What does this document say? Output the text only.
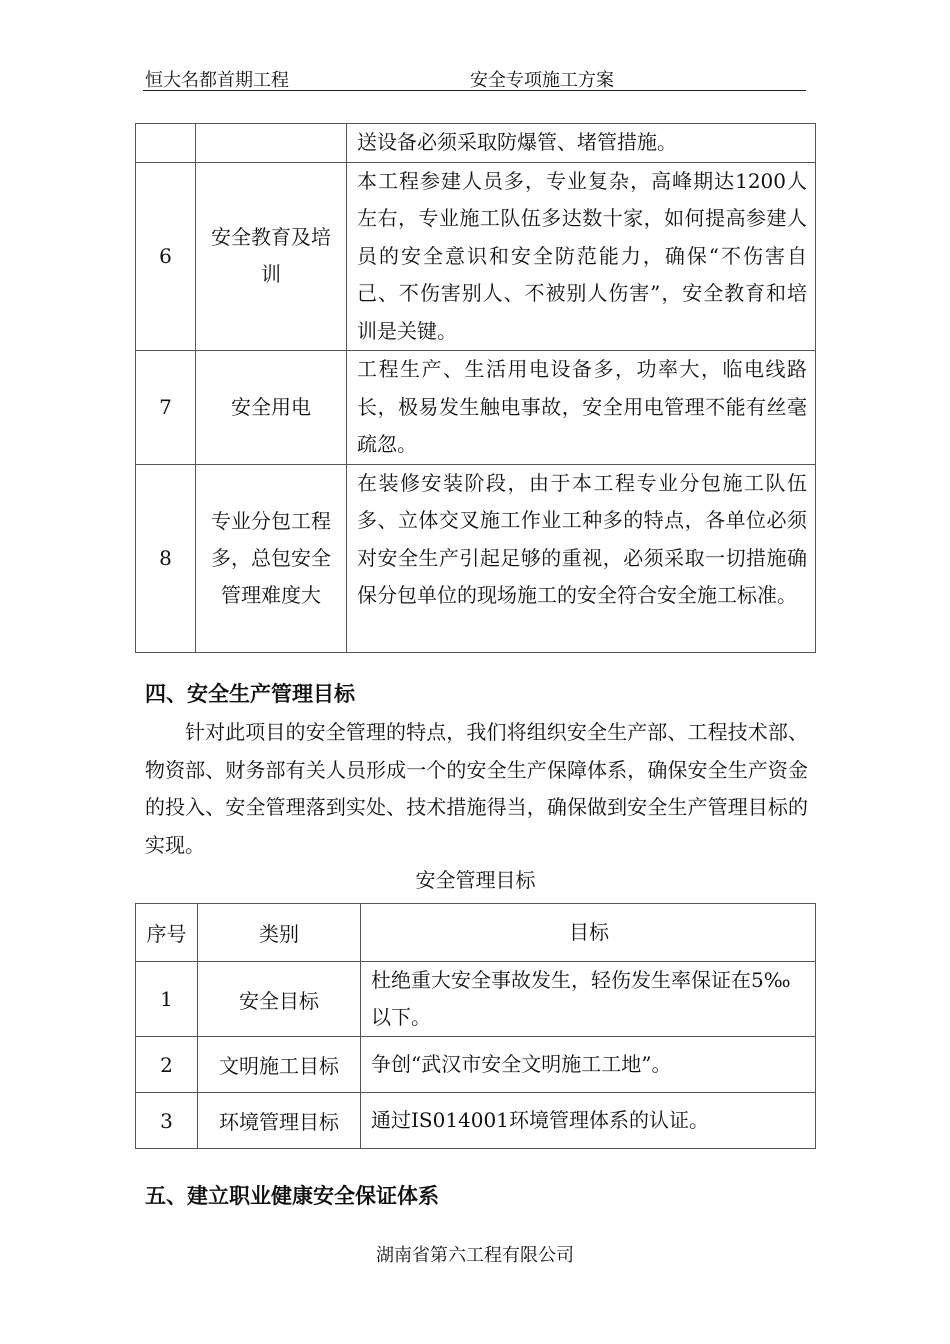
恒大名都首期工程	安全专项施工方案
		送设备必须采取防爆管、堵管措施。
6	安全教育及培训	本工程参建人员多，专业复杂，高峰期达1200人左右，专业施工队伍多达数十家，如何提高参建人员的安全意识和安全防范能力，确保“不伤害自己、不伤害别人、不被别人伤害”，安全教育和培训是关键。
7	安全用电	工程生产、生活用电设备多，功率大，临电线路长，极易发生触电事故，安全用电管理不能有丝毫疏忽。
8	专业分包工程多，总包安全管理难度大	在装修安装阶段，由于本工程专业分包施工队伍多、立体交叉施工作业工种多的特点，各单位必须对安全生产引起足够的重视，必须采取一切措施确保分包单位的现场施工的安全符合安全施工标准。
四、安全生产管理目标
针对此项目的安全管理的特点，我们将组织安全生产部、工程技术部、物资部、财务部有关人员形成一个的安全生产保障体系，确保安全生产资金的投入、安全管理落到实处、技术措施得当，确保做到安全生产管理目标的实现。
安全管理目标
序号	类别	目标
1	安全目标	杜绝重大安全事故发生，轻伤发生率保证在5‰以下。
2	文明施工目标	争创“武汉市安全文明施工工地”。
3	环境管理目标	通过IS014001环境管理体系的认证。
五、建立职业健康安全保证体系
湖南省第六工程有限公司
